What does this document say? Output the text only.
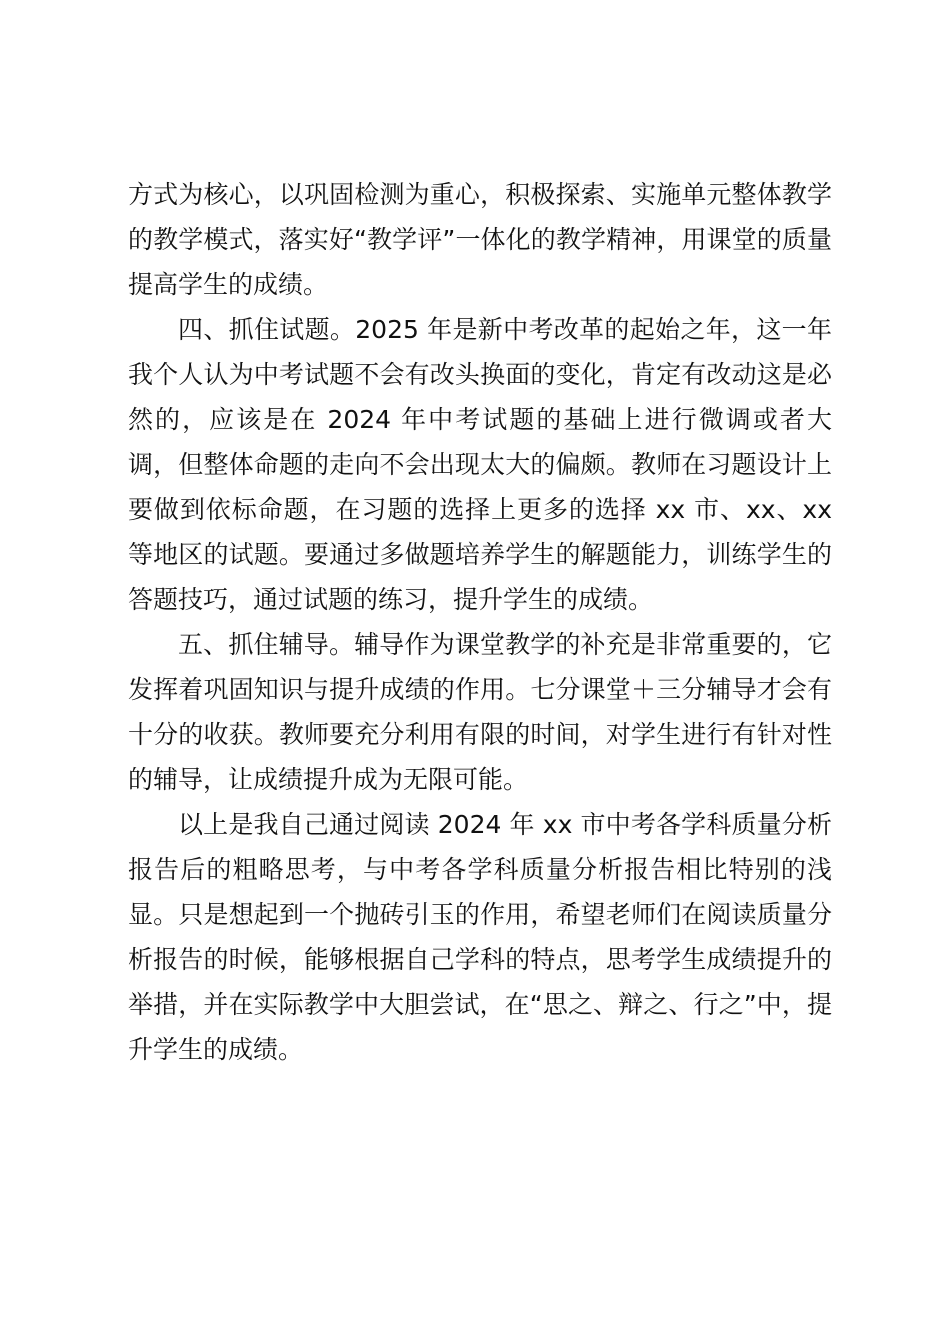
方式为核心，以巩固检测为重心，积极探索、实施单元整体教学的教学模式，落实好“教学评”一体化的教学精神，用课堂的质量提高学生的成绩。

四、抓住试题。2025 年是新中考改革的起始之年，这一年我个人认为中考试题不会有改头换面的变化，肯定有改动这是必然的，应该是在 2024 年中考试题的基础上进行微调或者大调，但整体命题的走向不会出现太大的偏颇。教师在习题设计上要做到依标命题，在习题的选择上更多的选择 xx 市、xx、xx 等地区的试题。要通过多做题培养学生的解题能力，训练学生的答题技巧，通过试题的练习，提升学生的成绩。

五、抓住辅导。辅导作为课堂教学的补充是非常重要的，它发挥着巩固知识与提升成绩的作用。七分课堂＋三分辅导才会有十分的收获。教师要充分利用有限的时间，对学生进行有针对性的辅导，让成绩提升成为无限可能。

以上是我自己通过阅读 2024 年 xx 市中考各学科质量分析报告后的粗略思考，与中考各学科质量分析报告相比特别的浅显。只是想起到一个抛砖引玉的作用，希望老师们在阅读质量分析报告的时候，能够根据自己学科的特点，思考学生成绩提升的举措，并在实际教学中大胆尝试，在“思之、辩之、行之”中，提升学生的成绩。
